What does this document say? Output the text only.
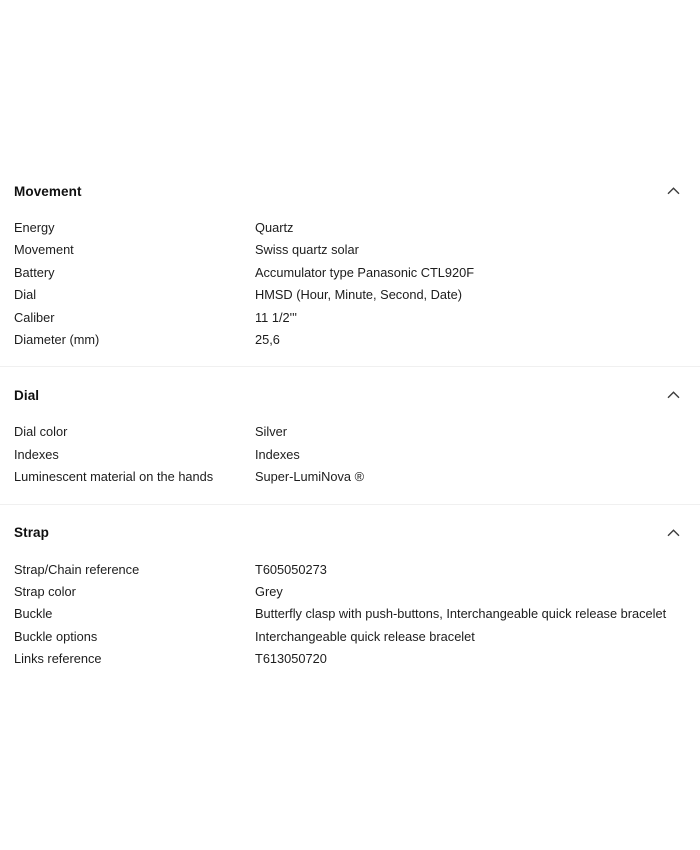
Movement
Energy	Quartz
Movement	Swiss quartz solar
Battery	Accumulator type Panasonic CTL920F
Dial	HMSD (Hour, Minute, Second, Date)
Caliber	11 1/2'''
Diameter (mm)	25,6
Dial
Dial color	Silver
Indexes	Indexes
Luminescent material on the hands	Super-LumiNova ®
Strap
Strap/Chain reference	T605050273
Strap color	Grey
Buckle	Butterfly clasp with push-buttons, Interchangeable quick release bracelet
Buckle options	Interchangeable quick release bracelet
Links reference	T613050720
